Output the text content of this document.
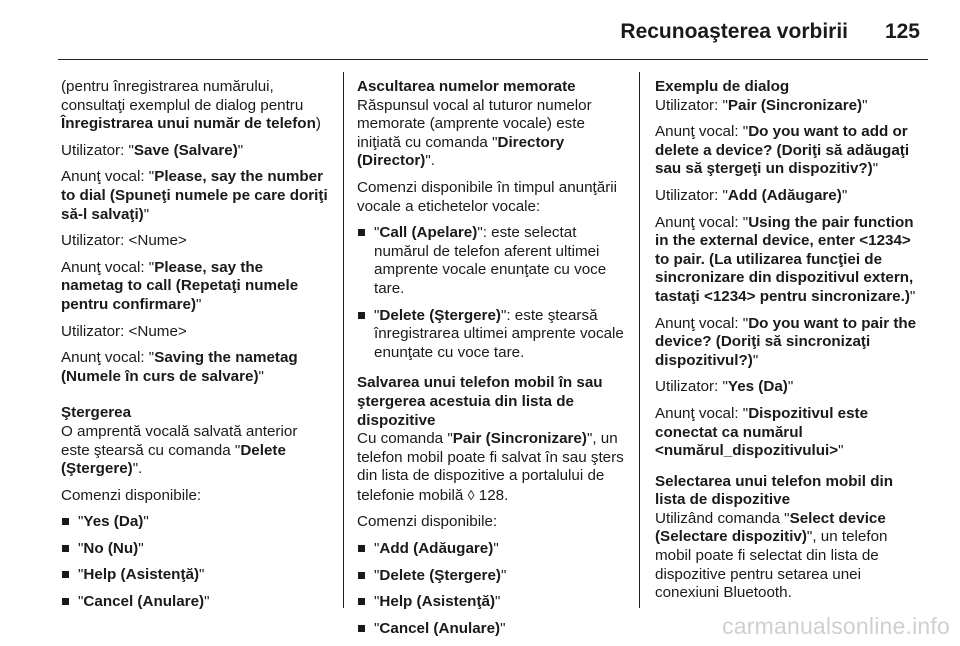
Recunoaşterea vorbirii 125

(pentru înregistrarea numărului, consultaţi exemplul de dialog pentru Înregistrarea unui număr de telefon)

Utilizator: "Save (Salvare)"

Anunţ vocal: "Please, say the number to dial (Spuneţi numele pe care doriţi să-l salvaţi)"

Utilizator: <Nume>

Anunţ vocal: "Please, say the nametag to call (Repetaţi numele pentru confirmare)"

Utilizator: <Nume>

Anunţ vocal: "Saving the nametag (Numele în curs de salvare)"

Ştergerea

O amprentă vocală salvată anterior este ştearsă cu comanda "Delete (Ştergere)".

Comenzi disponibile:

"Yes (Da)"
"No (Nu)"
"Help (Asistenţă)"
"Cancel (Anulare)"

Ascultarea numelor memorate

Răspunsul vocal al tuturor numelor memorate (amprente vocale) este iniţiată cu comanda "Directory (Director)".

Comenzi disponibile în timpul anunţării vocale a etichetelor vocale:

"Call (Apelare)": este selectat numărul de telefon aferent ultimei amprente vocale enunţate cu voce tare.
"Delete (Ştergere)": este ştearsă înregistrarea ultimei amprente vocale enunţate cu voce tare.

Salvarea unui telefon mobil în sau ştergerea acestuia din lista de dispozitive

Cu comanda "Pair (Sincronizare)", un telefon mobil poate fi salvat în sau şters din lista de dispozitive a portalului de telefonie mobilă ◊ 128.

Comenzi disponibile:

"Add (Adăugare)"
"Delete (Ştergere)"
"Help (Asistenţă)"
"Cancel (Anulare)"

Exemplu de dialog

Utilizator: "Pair (Sincronizare)"

Anunţ vocal: "Do you want to add or delete a device? (Doriţi să adăugaţi sau să ştergeţi un dispozitiv?)"

Utilizator: "Add (Adăugare)"

Anunţ vocal: "Using the pair function in the external device, enter <1234> to pair. (La utilizarea funcţiei de sincronizare din dispozitivul extern, tastaţi <1234> pentru sincronizare.)"

Anunţ vocal: "Do you want to pair the device? (Doriţi să sincronizaţi dispozitivul?)"

Utilizator: "Yes (Da)"

Anunţ vocal: "Dispozitivul este conectat ca numărul <numărul_dispozitivului>"

Selectarea unui telefon mobil din lista de dispozitive

Utilizând comanda "Select device (Selectare dispozitiv)", un telefon mobil poate fi selectat din lista de dispozitive pentru setarea unei conexiuni Bluetooth.

carmanualsonline.info
